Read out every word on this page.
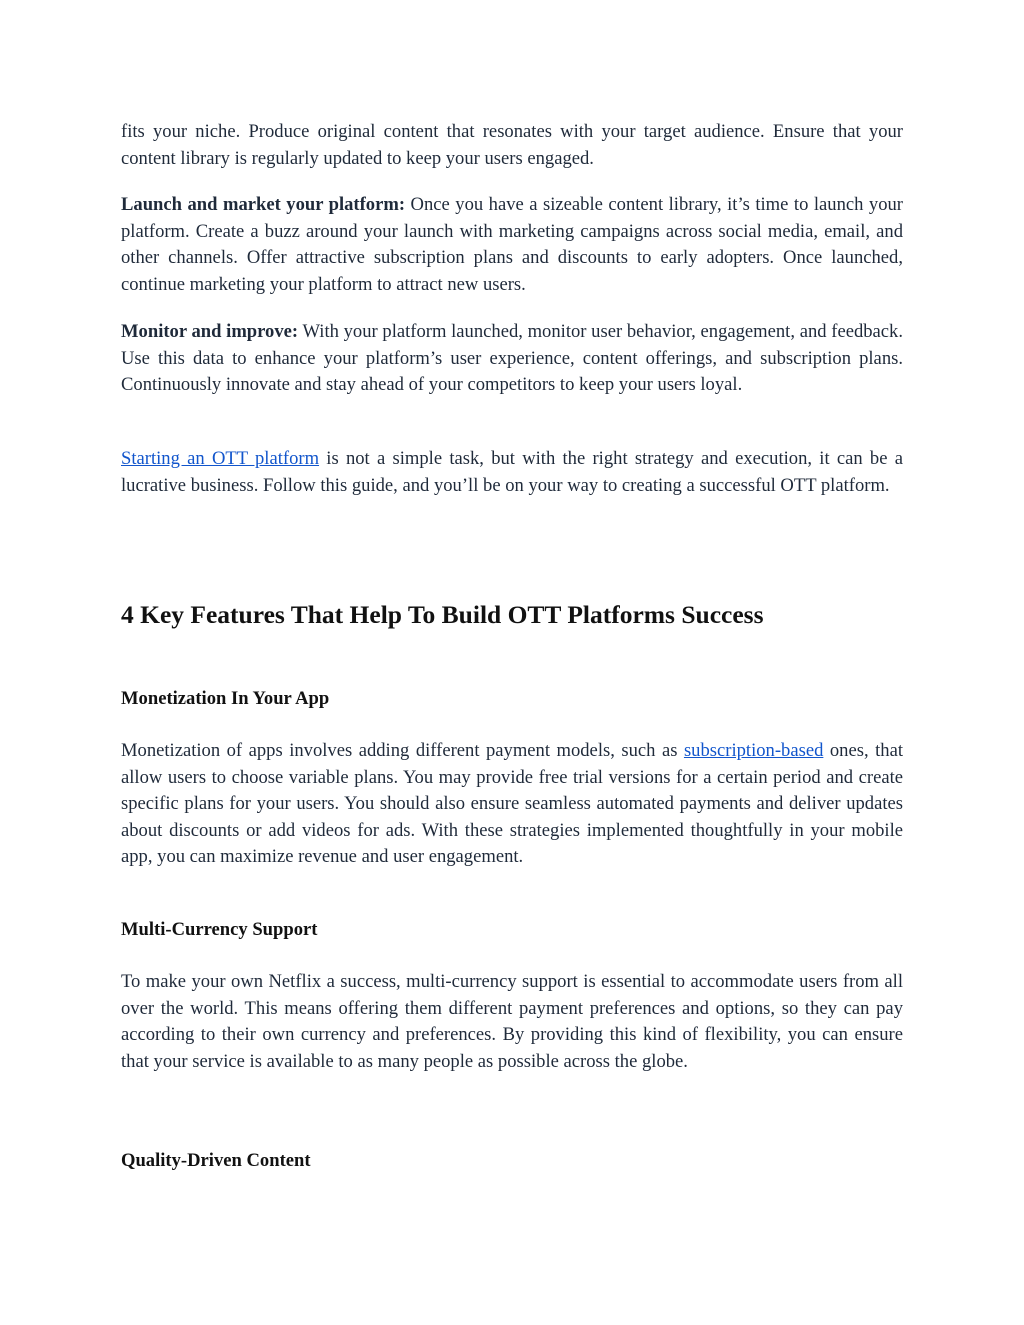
fits your niche. Produce original content that resonates with your target audience. Ensure that your content library is regularly updated to keep your users engaged.

Launch and market your platform: Once you have a sizeable content library, it’s time to launch your platform. Create a buzz around your launch with marketing campaigns across social media, email, and other channels. Offer attractive subscription plans and discounts to early adopters. Once launched, continue marketing your platform to attract new users.

Monitor and improve: With your platform launched, monitor user behavior, engagement, and feedback. Use this data to enhance your platform’s user experience, content offerings, and subscription plans. Continuously innovate and stay ahead of your competitors to keep your users loyal.

Starting an OTT platform is not a simple task, but with the right strategy and execution, it can be a lucrative business. Follow this guide, and you’ll be on your way to creating a successful OTT platform.

4 Key Features That Help To Build OTT Platforms Success
Monetization In Your App

Monetization of apps involves adding different payment models, such as subscription-based ones, that allow users to choose variable plans. You may provide free trial versions for a certain period and create specific plans for your users. You should also ensure seamless automated payments and deliver updates about discounts or add videos for ads. With these strategies implemented thoughtfully in your mobile app, you can maximize revenue and user engagement.

Multi-Currency Support

To make your own Netflix a success, multi-currency support is essential to accommodate users from all over the world. This means offering them different payment preferences and options, so they can pay according to their own currency and preferences. By providing this kind of flexibility, you can ensure that your service is available to as many people as possible across the globe.

Quality-Driven Content
